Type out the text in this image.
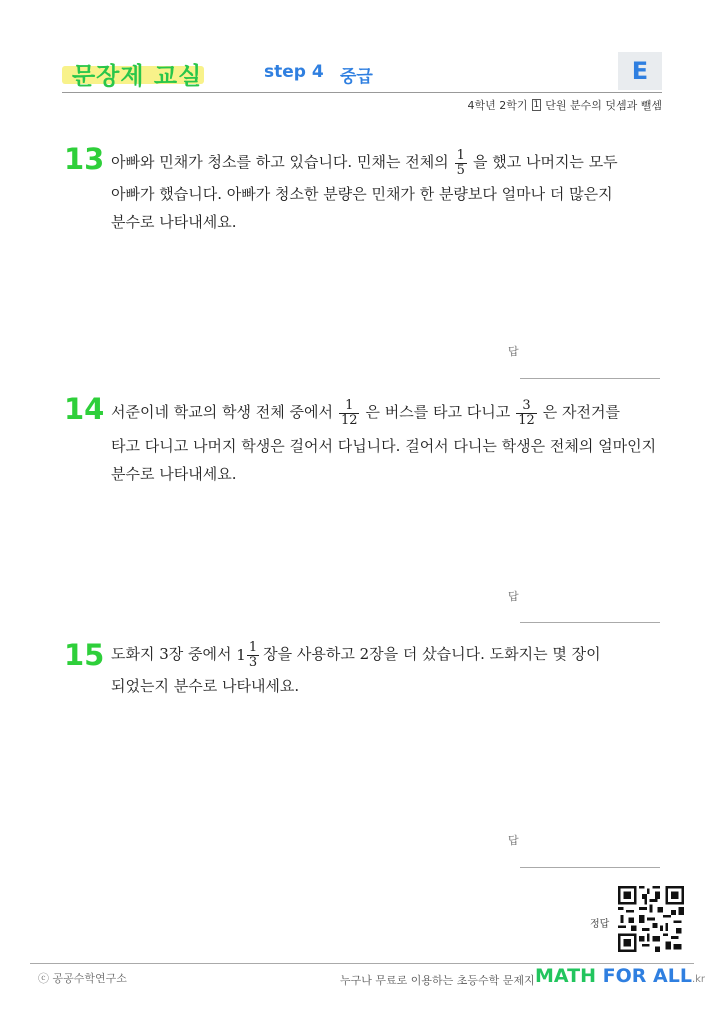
문장제 교실	step 4 중급	E
4학년 2학기 1 단원 분수의 덧셈과 뺄셈
13 아빠와 민채가 청소를 하고 있습니다. 민채는 전체의 $\frac{1}{5}$ 을 했고 나머지는 모두
아빠가 했습니다. 아빠가 청소한 분량은 민채가 한 분량보다 얼마나 더 많은지
분수로 나타내세요.
답
14 서준이네 학교의 학생 전체 중에서 $\frac{1}{12}$ 은 버스를 타고 다니고 $\frac{3}{12}$ 은 자전거를
타고 다니고 나머지 학생은 걸어서 다닙니다. 걸어서 다니는 학생은 전체의 얼마인지
분수로 나타내세요.
답
15 도화지 3장 중에서 $1 \frac{1}{3}$ 장을 사용하고 2장을 더 샀습니다. 도화지는 몇 장이
되었는지 분수로 나타내세요.
답
정답
ⓒ 공공수학연구소	누구나 무료로 이용하는 초등수학 문제지 MATH FOR ALL.kr
